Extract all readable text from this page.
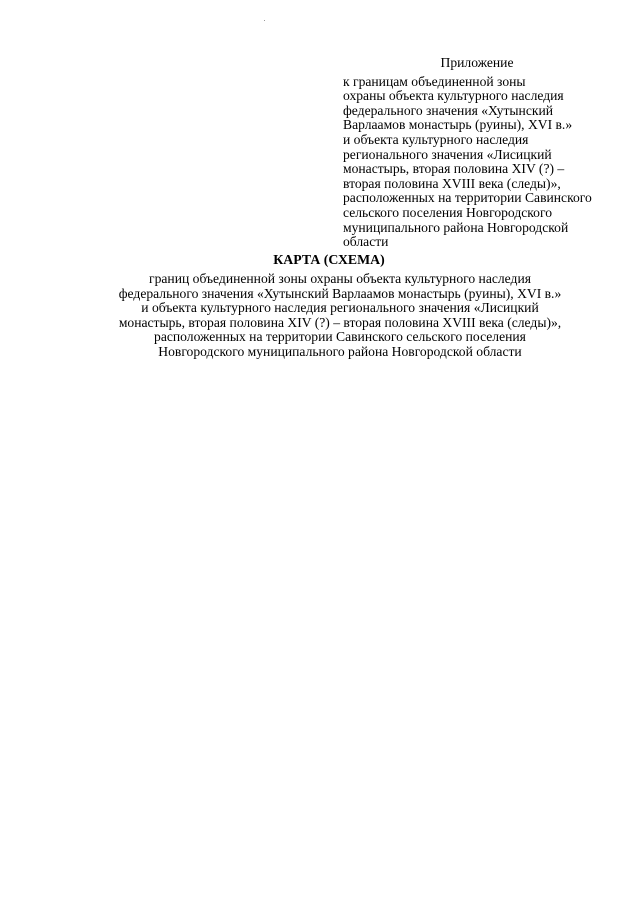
Приложение
к границам объединенной зоны
охраны объекта культурного наследия
федерального значения «Хутынский
Варлаамов монастырь (руины), XVI в.»
и объекта культурного наследия
регионального значения «Лисицкий
монастырь, вторая половина XIV (?) –
вторая половина XVIII века (следы)»,
расположенных на территории Савинского
сельского поселения Новгородского
муниципального района Новгородской
области
КАРТА (СХЕМА)
границ объединенной зоны охраны объекта культурного наследия
федерального значения «Хутынский Варлаамов монастырь (руины), XVI в.»
и объекта культурного наследия регионального значения «Лисицкий
монастырь, вторая половина XIV (?) – вторая половина XVIII века (следы)»,
расположенных на территории Савинского сельского поселения
Новгородского муниципального района Новгородской области
